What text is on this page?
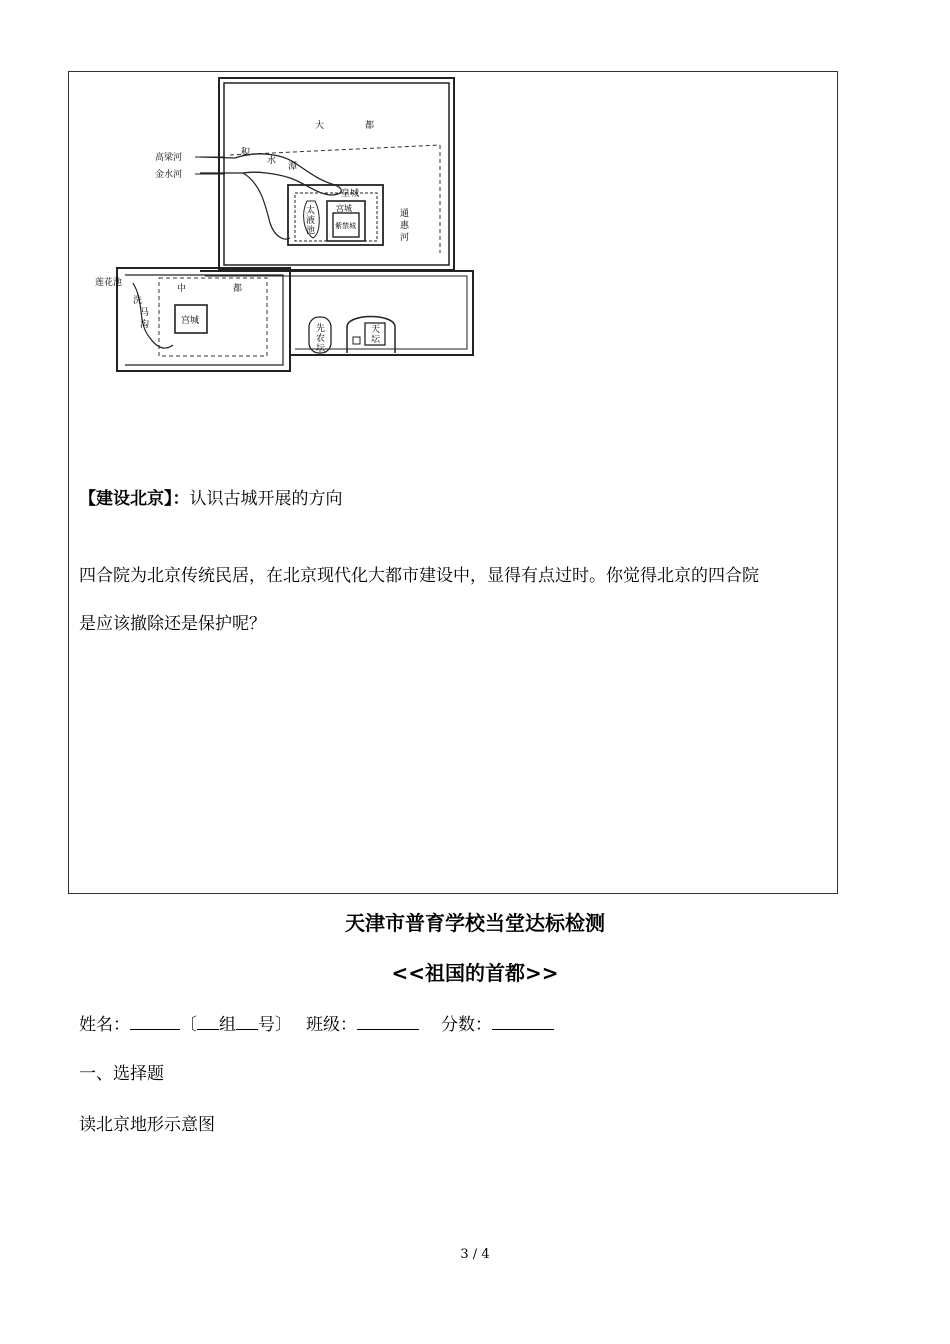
大	都
高梁河
金水河
积
水
潭
皇城
太
液
池
宫城
紫禁城
通
惠
河
莲花池
洗
马
沟
中	都
宫城
先
农
坛
天
坛
【建设北京】：认识古城开展的方向
四合院为北京传统民居，在北京现代化大都市建设中，显得有点过时。你觉得北京的四合院
是应该撤除还是保护呢？
天津市普育学校当堂达标检测
<<祖国的首都>>
姓名：	〔 组 号〕 班级：	分数：
一、选择题
读北京地形示意图
3 / 4
